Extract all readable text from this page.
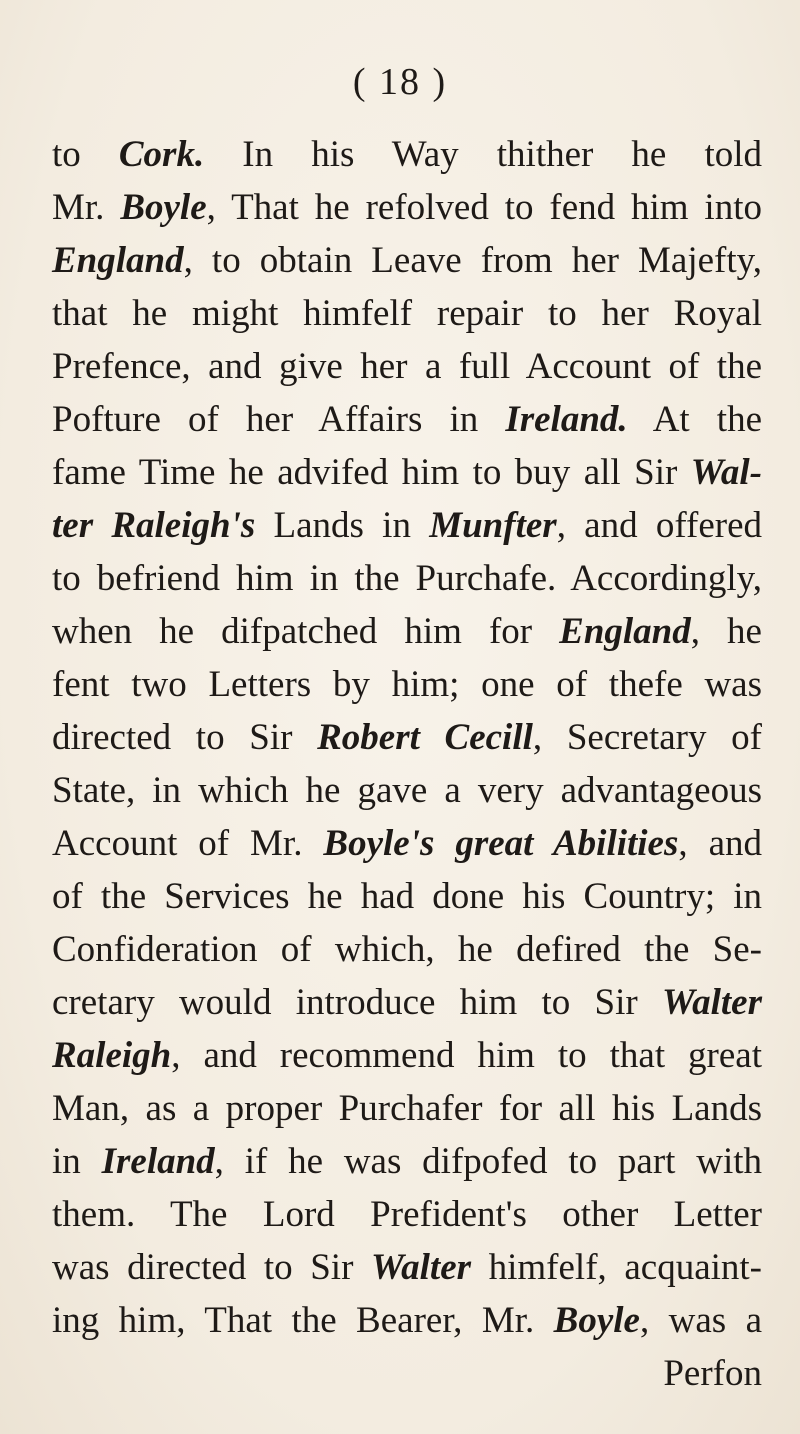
( 18 )
to Cork. In his Way thither he told
Mr. Boyle, That he refolved to fend him into
England, to obtain Leave from her Majefty,
that he might himfelf repair to her Royal
Prefence, and give her a full Account of the
Pofture of her Affairs in Ireland. At the
fame Time he advifed him to buy all Sir Wal-
ter Raleigh's Lands in Munfter, and offered
to befriend him in the Purchafe. Accordingly,
when he difpatched him for England, he
fent two Letters by him; one of thefe was
directed to Sir Robert Cecill, Secretary of
State, in which he gave a very advantageous
Account of Mr. Boyle's great Abilities, and
of the Services he had done his Country; in
Confideration of which, he defired the Se-
cretary would introduce him to Sir Walter
Raleigh, and recommend him to that great
Man, as a proper Purchafer for all his Lands
in Ireland, if he was difpofed to part with
them. The Lord Prefident's other Letter
was directed to Sir Walter himfelf, acquaint-
ing him, That the Bearer, Mr. Boyle, was a
Perfon
